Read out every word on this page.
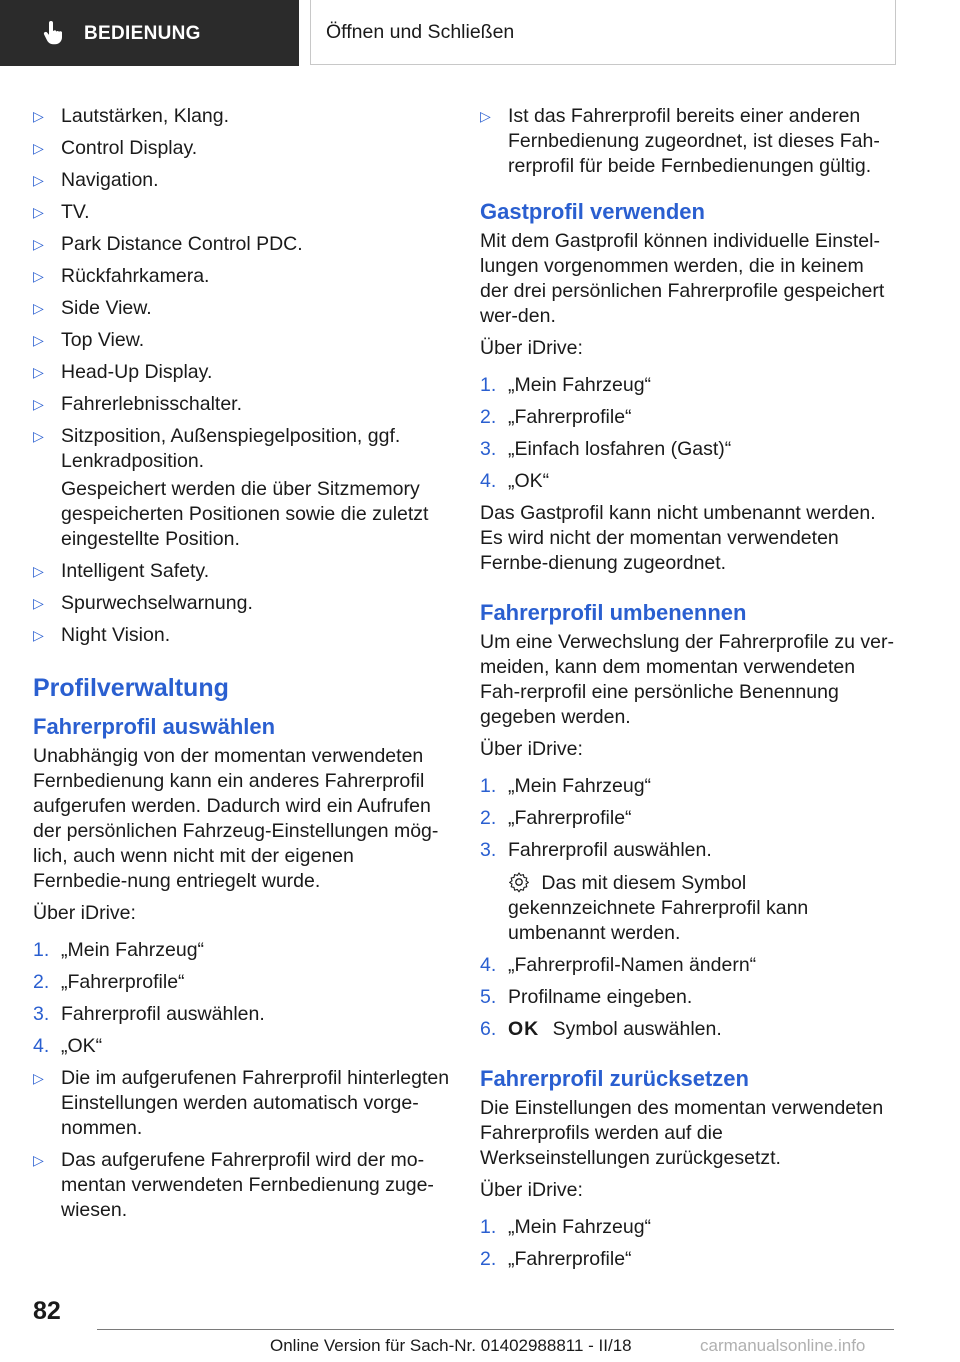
BEDIENUNG	Öffnen und Schließen
▷ Lautstärken, Klang.
▷ Control Display.
▷ Navigation.
▷ TV.
▷ Park Distance Control PDC.
▷ Rückfahrkamera.
▷ Side View.
▷ Top View.
▷ Head-Up Display.
▷ Fahrerlebnisschalter.
▷ Sitzposition, Außenspiegelposition, ggf. Lenkradposition.
Gespeichert werden die über Sitzmemory gespeicherten Positionen sowie die zuletzt eingestellte Position.
▷ Intelligent Safety.
▷ Spurwechselwarnung.
▷ Night Vision.
Profilverwaltung
Fahrerprofil auswählen
Unabhängig von der momentan verwendeten Fernbedienung kann ein anderes Fahrerprofil aufgerufen werden. Dadurch wird ein Aufrufen der persönlichen Fahrzeug-Einstellungen mög-lich, auch wenn nicht mit der eigenen Fernbedie-nung entriegelt wurde.
Über iDrive:
1. „Mein Fahrzeug“
2. „Fahrerprofile“
3. Fahrerprofil auswählen.
4. „OK“
▷ Die im aufgerufenen Fahrerprofil hinterlegten Einstellungen werden automatisch vorge-nommen.
▷ Das aufgerufene Fahrerprofil wird der mo-mentan verwendeten Fernbedienung zuge-wiesen.
▷ Ist das Fahrerprofil bereits einer anderen Fernbedienung zugeordnet, ist dieses Fah-rerprofil für beide Fernbedienungen gültig.
Gastprofil verwenden
Mit dem Gastprofil können individuelle Einstel-lungen vorgenommen werden, die in keinem der drei persönlichen Fahrerprofile gespeichert wer-den.
Über iDrive:
1. „Mein Fahrzeug“
2. „Fahrerprofile“
3. „Einfach losfahren (Gast)“
4. „OK“
Das Gastprofil kann nicht umbenannt werden. Es wird nicht der momentan verwendeten Fernbe-dienung zugeordnet.
Fahrerprofil umbenennen
Um eine Verwechslung der Fahrerprofile zu ver-meiden, kann dem momentan verwendeten Fah-rerprofil eine persönliche Benennung gegeben werden.
Über iDrive:
1. „Mein Fahrzeug“
2. „Fahrerprofile“
3. Fahrerprofil auswählen.
Das mit diesem Symbol gekennzeichnete Fahrerprofil kann umbenannt werden.
4. „Fahrerprofil-Namen ändern“
5. Profilname eingeben.
6. OK Symbol auswählen.
Fahrerprofil zurücksetzen
Die Einstellungen des momentan verwendeten Fahrerprofils werden auf die Werkseinstellungen zurückgesetzt.
Über iDrive:
1. „Mein Fahrzeug“
2. „Fahrerprofile“
82
Online Version für Sach-Nr. 01402988811 - II/18	carmanualsonline.info
